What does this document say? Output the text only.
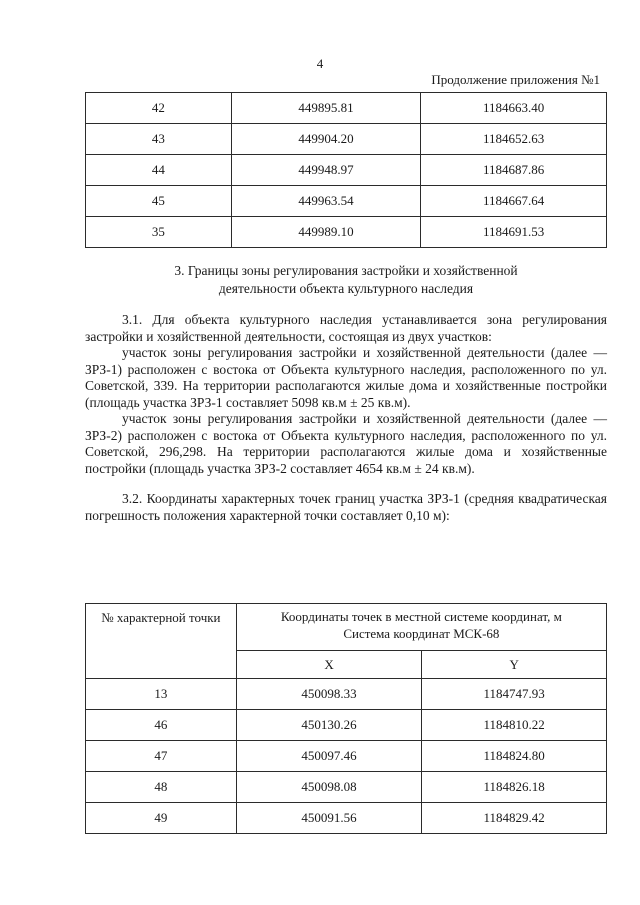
4
Продолжение приложения №1
42	449895.81	1184663.40
43	449904.20	1184652.63
44	449948.97	1184687.86
45	449963.54	1184667.64
35	449989.10	1184691.53
3. Границы зоны регулирования застройки и хозяйственной
деятельности объекта культурного наследия

3.1. Для объекта культурного наследия устанавливается зона регулирования застройки и хозяйственной деятельности, состоящая из двух участков:

участок зоны регулирования застройки и хозяйственной деятельности (далее — ЗРЗ-1) расположен с востока от Объекта культурного наследия, расположенного по ул. Советской, 339. На территории располагаются жилые дома и хозяйственные постройки (площадь участка ЗРЗ-1 составляет 5098 кв.м ± 25 кв.м).

участок зоны регулирования застройки и хозяйственной деятельности (далее –– ЗРЗ-2) расположен с востока от Объекта культурного наследия, расположенного по ул. Советской, 296,298. На территории располагаются жилые дома и хозяйственные постройки (площадь участка ЗРЗ-2 составляет 4654 кв.м ± 24 кв.м).

3.2. Координаты характерных точек границ участка ЗРЗ-1 (средняя квадратическая погрешность положения характерной точки составляет 0,10 м):

№ характерной точки	Координаты точек в местной системе координат, м
Система координат МСК-68	

	X	Y
13	450098.33	1184747.93
46	450130.26	1184810.22
47	450097.46	1184824.80
48	450098.08	1184826.18
49	450091.56	1184829.42
